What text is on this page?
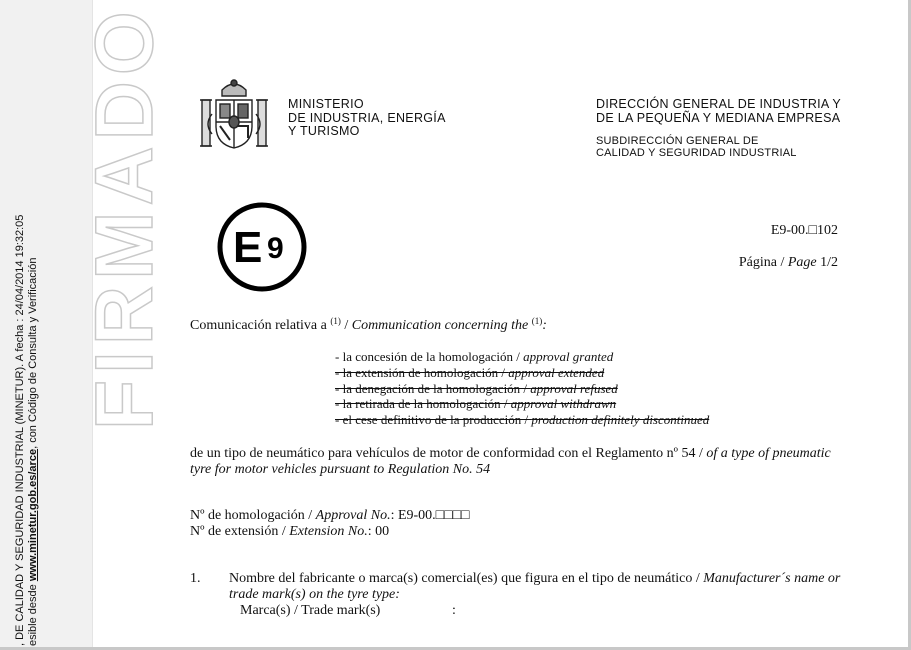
FIRMADO
, DE CALIDAD Y SEGURIDAD INDUSTRIAL (MINETUR). A fecha : 24/04/2014 19:32:05 esible desde www.minetur.gob.es/arce, con Código de Consulta y Verificación
MINISTERIO
DE INDUSTRIA, ENERGÍA
Y TURISMO
DIRECCIÓN GENERAL DE INDUSTRIA Y
DE LA PEQUEÑA Y MEDIANA EMPRESA
SUBDIRECCIÓN GENERAL DE
CALIDAD Y SEGURIDAD INDUSTRIAL
E 9
E9-00.□102
Página / Page 1/2
Comunicación relativa a $^{(1)}$ / Communication concerning the $^{(1)}$:
- la concesión de la homologación / approval granted
- la extensión de homologación / approval extended
- la denegación de la homologación / approval refused
- la retirada de la homologación / approval withdrawn
- el cese definitivo de la producción / production definitely discontinued
de un tipo de neumático para vehículos de motor de conformidad con el Reglamento nº 54 / of a type of pneumatic tyre for motor vehicles pursuant to Regulation No. 54
Nº de homologación / Approval No.: E9-00.□□□□
Nº de extensión / Extension No.: 00
1. Nombre del fabricante o marca(s) comercial(es) que figura en el tipo de neumático / Manufacturer´s name or trade mark(s) on the tyre type:
Marca(s) / Trade mark(s)	:
